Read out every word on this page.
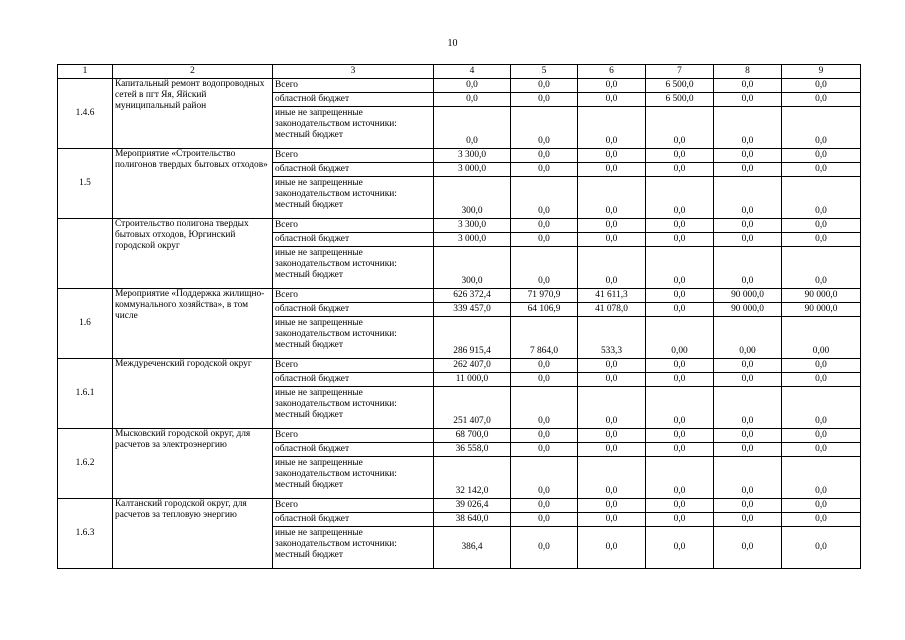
10
1	2	3	4	5	6	7	8	9
1.4.6	Капитальный ремонт водопроводных сетей в пгт Яя, Яйский муниципальный район	Всего	0,0	0,0	0,0	6 500,0	0,0	0,0
		областной бюджет	0,0	0,0	0,0	6 500,0	0,0	0,0
		иные не запрещенные законодательством источники: местный бюджет	0,0	0,0	0,0	0,0	0,0	0,0
1.5	Мероприятие «Строительство полигонов твердых бытовых отходов»	Всего	3 300,0	0,0	0,0	0,0	0,0	0,0
		областной бюджет	3 000,0	0,0	0,0	0,0	0,0	0,0
		иные не запрещенные законодательством источники: местный бюджет	300,0	0,0	0,0	0,0	0,0	0,0
	Строительство полигона твердых бытовых отходов, Юргинский городской округ	Всего	3 300,0	0,0	0,0	0,0	0,0	0,0
		областной бюджет	3 000,0	0,0	0,0	0,0	0,0	0,0
		иные не запрещенные законодательством источники: местный бюджет	300,0	0,0	0,0	0,0	0,0	0,0
1.6	Мероприятие «Поддержка жилищно-коммунального хозяйства», в том числе	Всего	626 372,4	71 970,9	41 611,3	0,0	90 000,0	90 000,0
		областной бюджет	339 457,0	64 106,9	41 078,0	0,0	90 000,0	90 000,0
		иные не запрещенные законодательством источники: местный бюджет	286 915,4	7 864,0	533,3	0,00	0,00	0,00
1.6.1	Междуреченский городской округ	Всего	262 407,0	0,0	0,0	0,0	0,0	0,0
		областной бюджет	11 000,0	0,0	0,0	0,0	0,0	0,0
		иные не запрещенные законодательством источники: местный бюджет	251 407,0	0,0	0,0	0,0	0,0	0,0
1.6.2	Мысковский городской округ, для расчетов за электроэнергию	Всего	68 700,0	0,0	0,0	0,0	0,0	0,0
		областной бюджет	36 558,0	0,0	0,0	0,0	0,0	0,0
		иные не запрещенные законодательством источники: местный бюджет	32 142,0	0,0	0,0	0,0	0,0	0,0
1.6.3	Калтанский городской округ, для расчетов за тепловую энергию	Всего	39 026,4	0,0	0,0	0,0	0,0	0,0
		областной бюджет	38 640,0	0,0	0,0	0,0	0,0	0,0
		иные не запрещенные законодательством источники: местный бюджет	386,4	0,0	0,0	0,0	0,0	0,0
